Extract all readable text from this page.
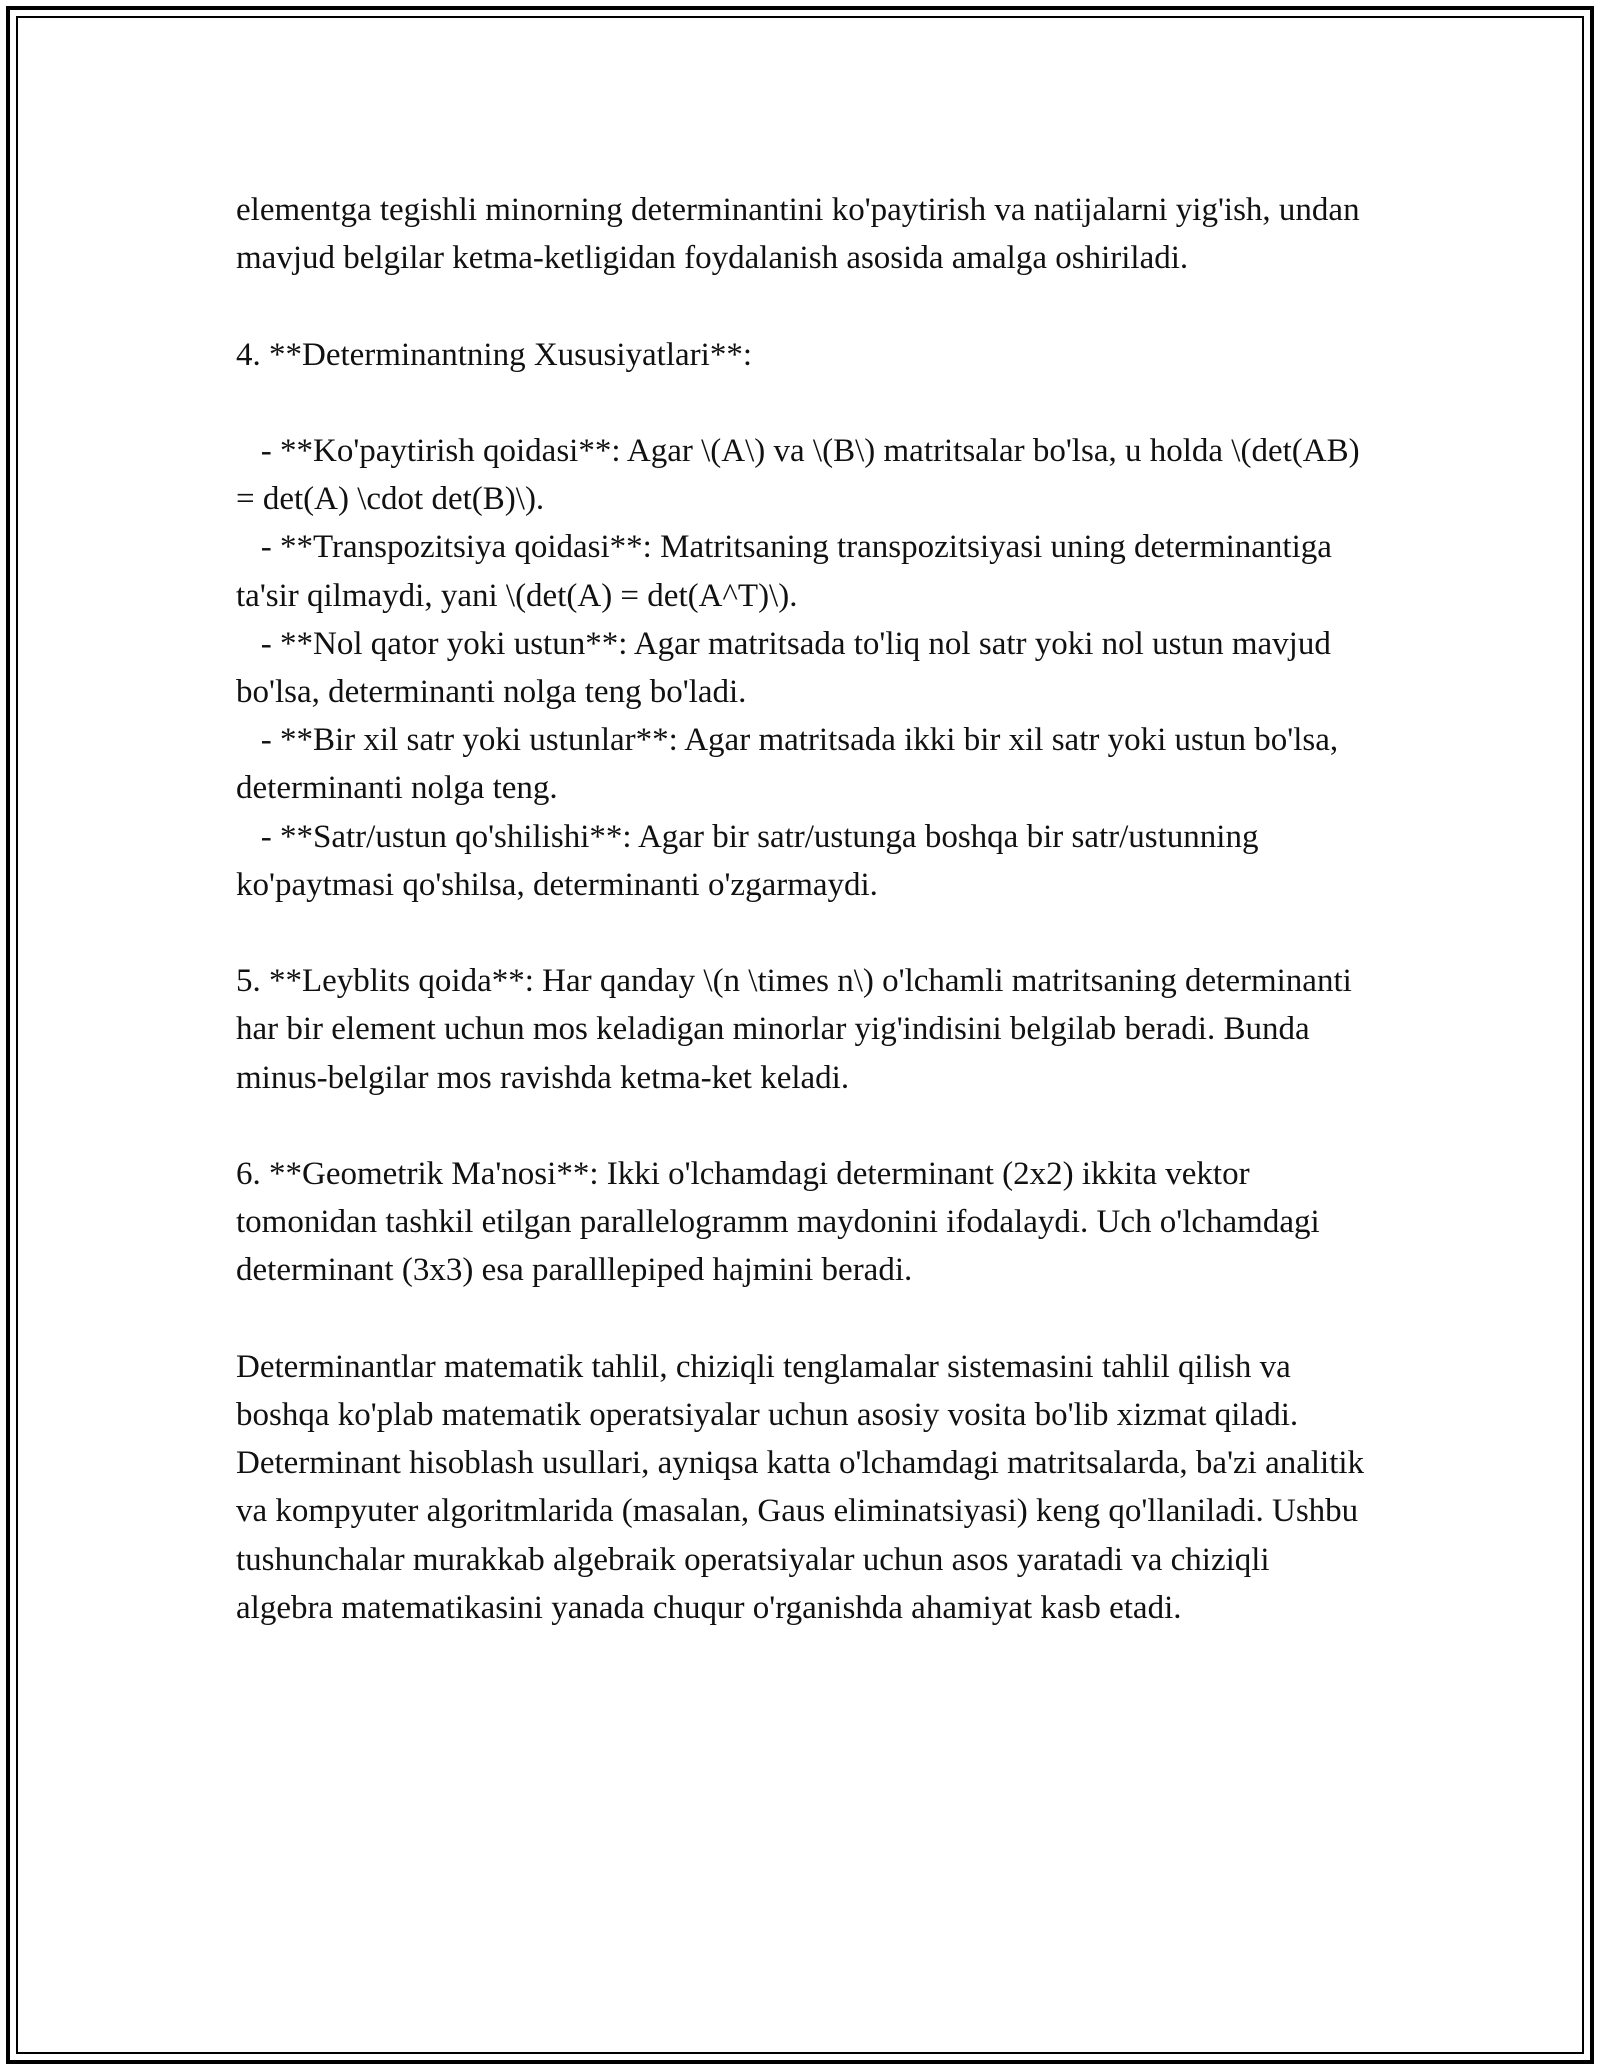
elementga tegishli minorning determinantini ko'paytirish va natijalarni yig'ish, undan mavjud belgilar ketma-ketligidan foydalanish asosida amalga oshiriladi.

4. **Determinantning Xususiyatlari**:

- **Ko'paytirish qoidasi**: Agar \(A\) va \(B\) matritsalar bo'lsa, u holda \(det(AB) = det(A) \cdot det(B)\).

- **Transpozitsiya qoidasi**: Matritsaning transpozitsiyasi uning determinantiga ta'sir qilmaydi, yani \(det(A) = det(A^T)\).

- **Nol qator yoki ustun**: Agar matritsada to'liq nol satr yoki nol ustun mavjud bo'lsa, determinanti nolga teng bo'ladi.

- **Bir xil satr yoki ustunlar**: Agar matritsada ikki bir xil satr yoki ustun bo'lsa, determinanti nolga teng.

- **Satr/ustun qo'shilishi**: Agar bir satr/ustunga boshqa bir satr/ustunning ko'paytmasi qo'shilsa, determinanti o'zgarmaydi.

5. **Leyblits qoida**: Har qanday \(n \times n\) o'lchamli matritsaning determinanti har bir element uchun mos keladigan minorlar yig'indisini belgilab beradi. Bunda minus-belgilar mos ravishda ketma-ket keladi.

6. **Geometrik Ma'nosi**: Ikki o'lchamdagi determinant (2x2) ikkita vektor tomonidan tashkil etilgan parallelogramm maydonini ifodalaydi. Uch o'lchamdagi determinant (3x3) esa paralllepiped hajmini beradi.

Determinantlar matematik tahlil, chiziqli tenglamalar sistemasini tahlil qilish va boshqa ko'plab matematik operatsiyalar uchun asosiy vosita bo'lib xizmat qiladi. Determinant hisoblash usullari, ayniqsa katta o'lchamdagi matritsalarda, ba'zi analitik va kompyuter algoritmlarida (masalan, Gaus eliminatsiyasi) keng qo'llaniladi. Ushbu tushunchalar murakkab algebraik operatsiyalar uchun asos yaratadi va chiziqli algebra matematikasini yanada chuqur o'rganishda ahamiyat kasb etadi.
